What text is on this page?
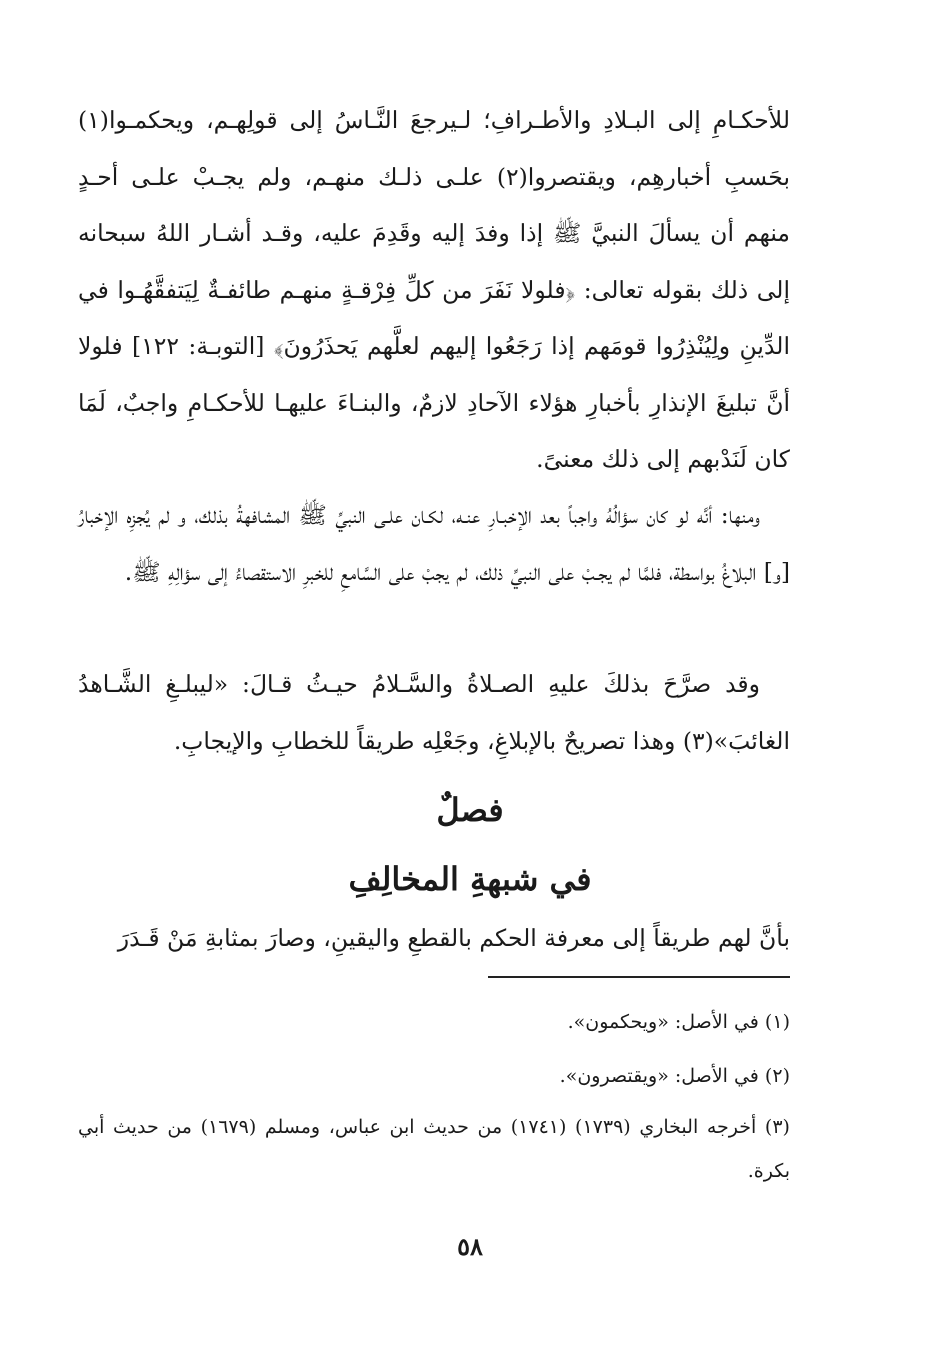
للأحكـامِ إلى البـلادِ والأطـرافِ؛ لـيرجعَ النَّـاسُ إلى قولِهـم، ويحكمـوا(١) بحَسبِ أخبارهِم، ويقتصروا(٢) علـى ذلـك منهـم، ولم يجـبْ علـى أحـدٍ منهم أن يسألَ النبيَّ ﷺ إذا وفدَ إليه وقَدِمَ عليه، وقـد أشـار اللهُ سبحانه إلى ذلك بقوله تعالى: ﴿فلولا نَفَرَ من كلِّ فِرْقـةٍ منهـم طائفـةٌ لِيَتفقَّهُـوا في الدِّينِ ولِيُنْذِرُوا قومَهم إذا رَجَعُوا إليهم لعلَّهم يَحذَرُونَ﴾ [التوبـة: ١٢٢] فلولا أنَّ تبليغَ الإنذارِ بأخبارِ هؤلاء الآحادِ لازمٌ، والبنـاءَ عليهـا للأحكـامِ واجبٌ، لَمَا كان لَنَدْبهم إلى ذلك معنىً.

ومنها: أنَّه لو كان سؤالُهُ واجباً بعد الإخبـارِ عنـه، لكـان علـى النبيِّ ﷺ المشافهةُ بذلك، و لم يُجزِه الإخبارُ [و] البلاغُ بواسطة، فلمَّا لم يجـبْ على النبيِّ ذلك، لم يجبْ على السَّامعِ للخبرِ الاستقصاءُ إلى سؤالِهِ ﷺ.

وقد صرَّحَ بذلكَ عليهِ الصـلاةُ والسَّـلامُ حيـثُ قـالَ: «ليبلـغِ الشَّـاهدُ الغائبَ»(٣) وهذا تصريحٌ بالإبلاغِ، وجَعْلِه طريقاً للخطابِ والإيجابِ.

فصلٌ

في شبهةِ المخالِفِ

بأنَّ لهم طريقاً إلى معرفة الحكم بالقطعِ واليقينِ، وصارَ بمثابةِ مَنْ قَـدَرَ

(١) في الأصل: «ويحكمون».

(٢) في الأصل: «ويقتصرون».

(٣) أخرجه البخاري (١٧٣٩) (١٧٤١) من حديث ابن عباس، ومسلم (١٦٧٩) من حديث أبي بكرة.

٥٨
